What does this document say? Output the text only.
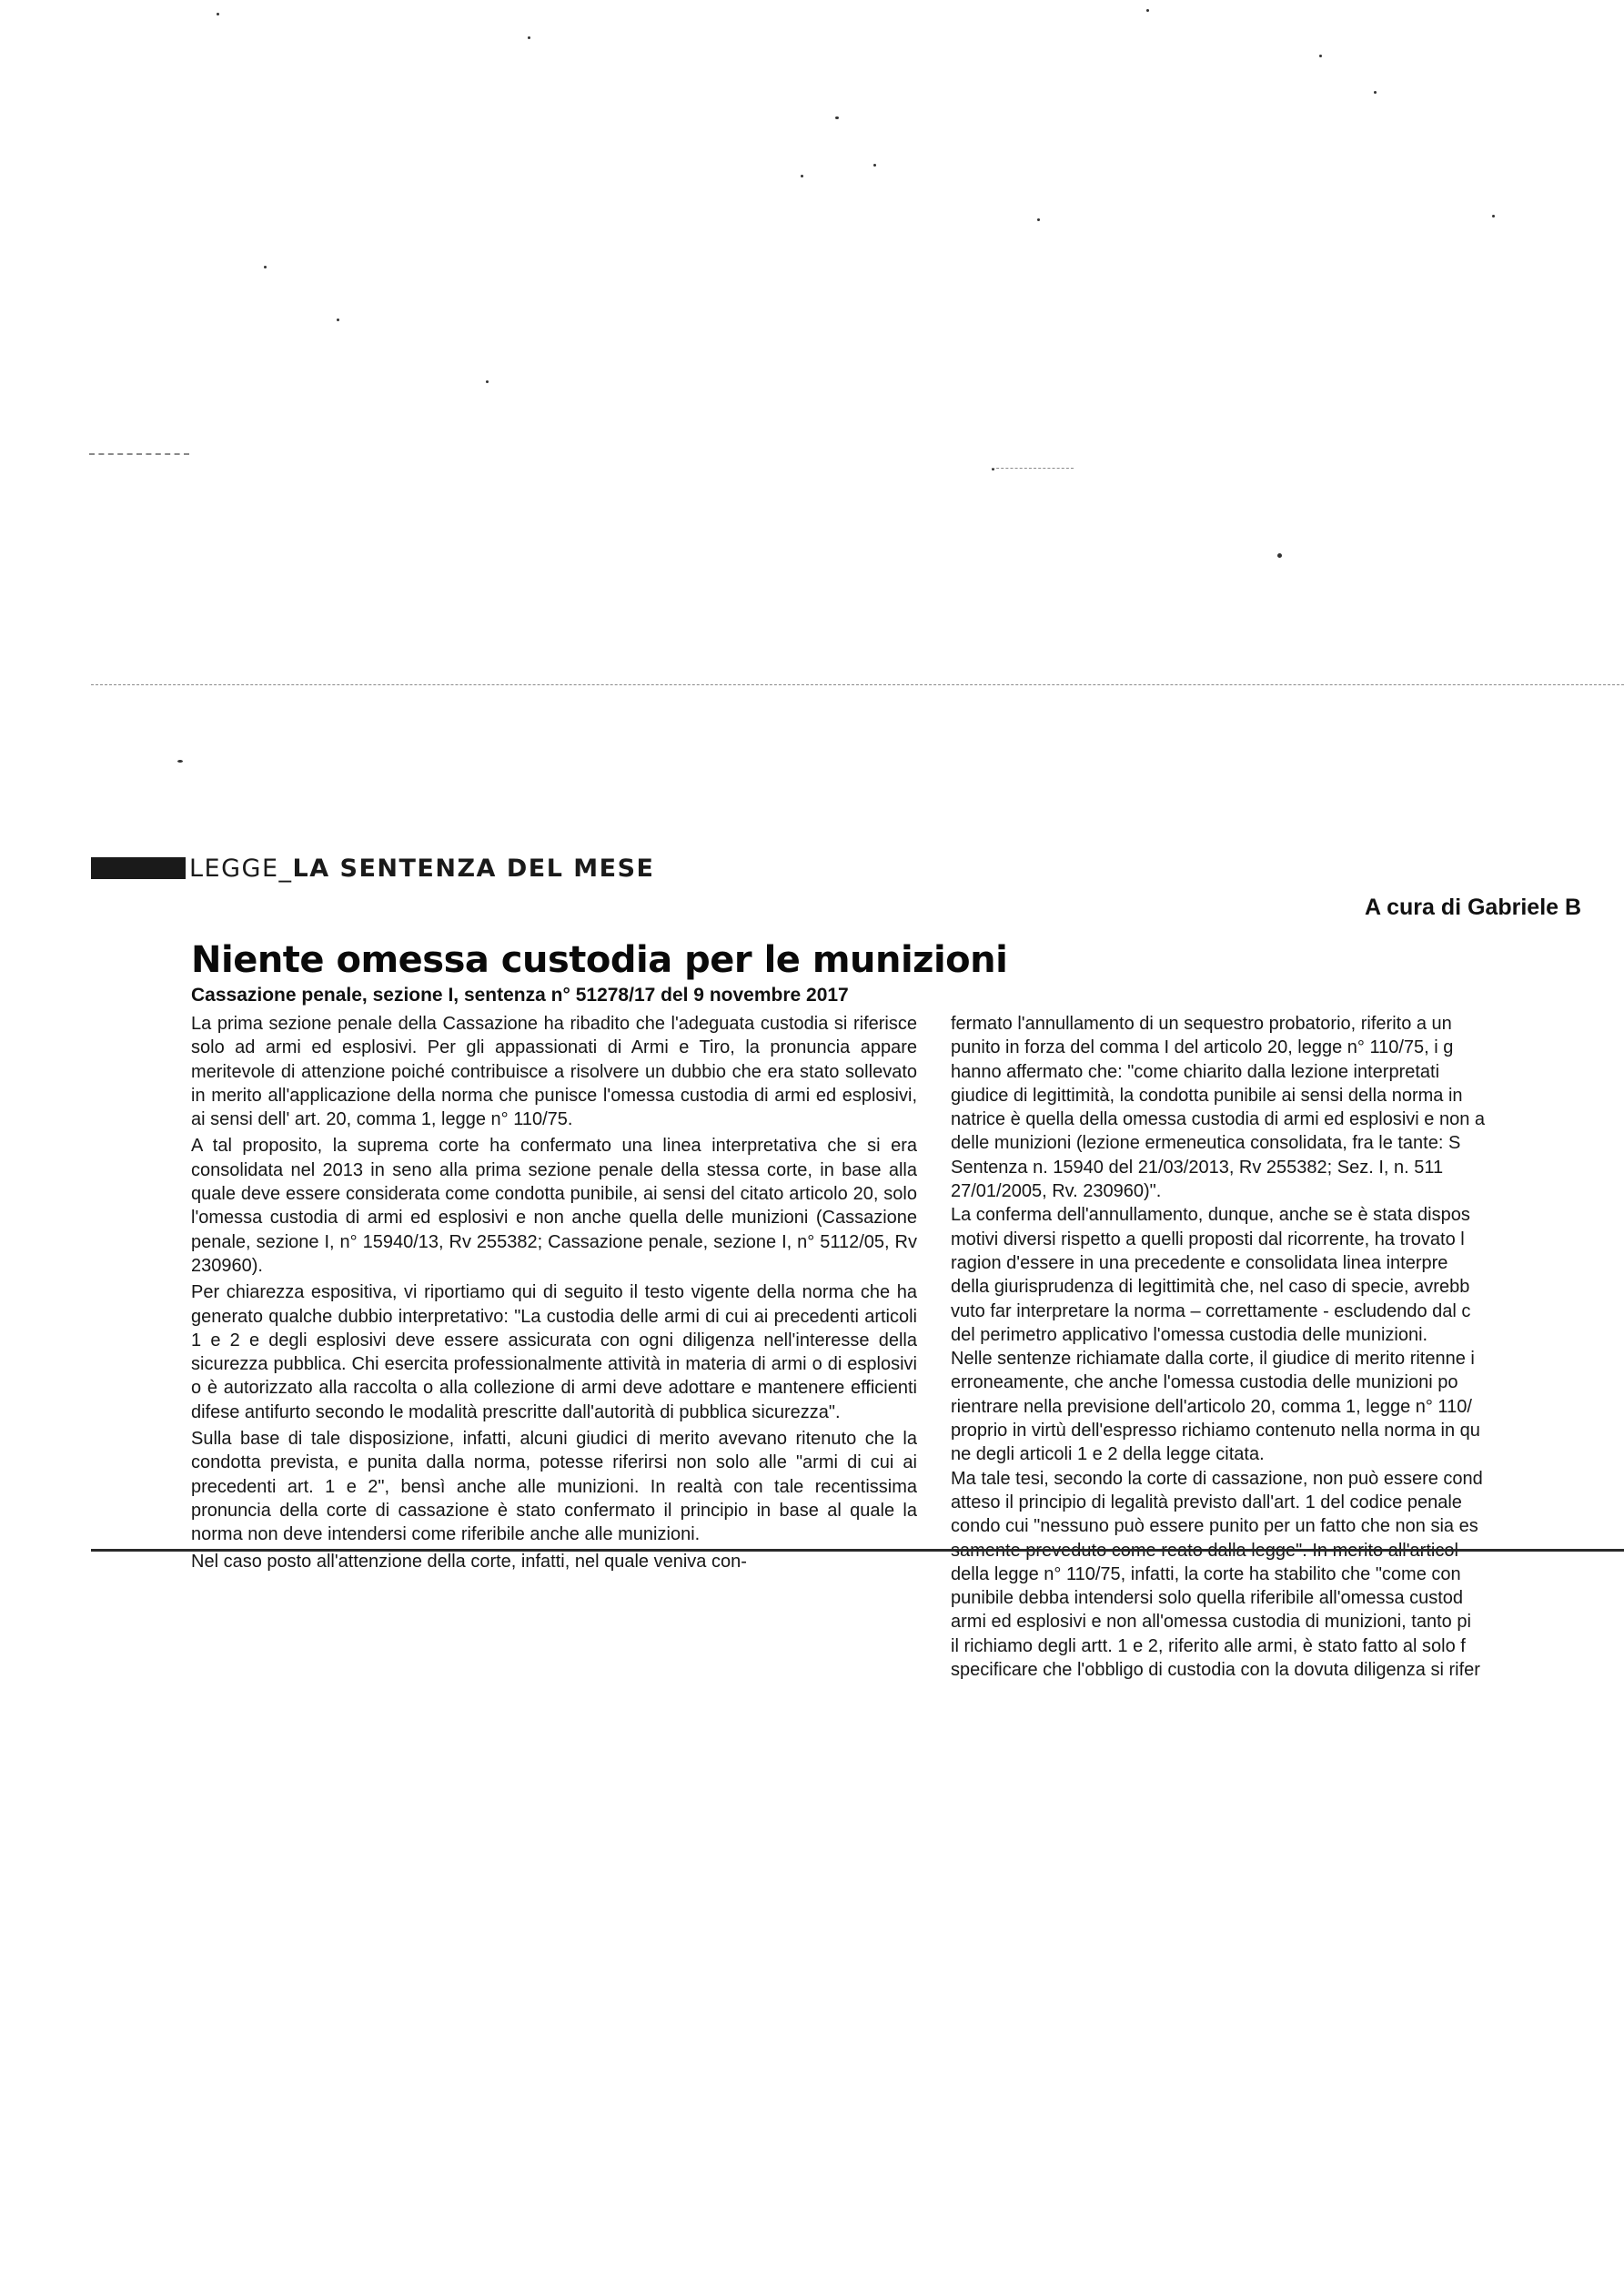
LEGGE_LA SENTENZA DEL MESE
A cura di Gabriele B
Niente omessa custodia per le munizioni
Cassazione penale, sezione I, sentenza n° 51278/17 del 9 novembre 2017

La prima sezione penale della Cassazione ha ribadito che l'adeguata custodia si riferisce solo ad armi ed esplosivi. Per gli appassionati di Armi e Tiro, la pronuncia appare meritevole di attenzione poiché contribuisce a risolvere un dubbio che era stato sollevato in merito all'applicazione della norma che punisce l'omessa custodia di armi ed esplosivi, ai sensi dell' art. 20, comma 1, legge n° 110/75.

A tal proposito, la suprema corte ha confermato una linea interpretativa che si era consolidata nel 2013 in seno alla prima sezione penale della stessa corte, in base alla quale deve essere considerata come condotta punibile, ai sensi del citato articolo 20, solo l'omessa custodia di armi ed esplosivi e non anche quella delle munizioni (Cassazione penale, sezione I, n° 15940/13, Rv 255382; Cassazione penale, sezione I, n° 5112/05, Rv 230960).

Per chiarezza espositiva, vi riportiamo qui di seguito il testo vigente della norma che ha generato qualche dubbio interpretativo: "La custodia delle armi di cui ai precedenti articoli 1 e 2 e degli esplosivi deve essere assicurata con ogni diligenza nell'interesse della sicurezza pubblica. Chi esercita professionalmente attività in materia di armi o di esplosivi o è autorizzato alla raccolta o alla collezione di armi deve adottare e mantenere efficienti difese antifurto secondo le modalità prescritte dall'autorità di pubblica sicurezza".

Sulla base di tale disposizione, infatti, alcuni giudici di merito avevano ritenuto che la condotta prevista, e punita dalla norma, potesse riferirsi non solo alle "armi di cui ai precedenti art. 1 e 2", bensì anche alle munizioni. In realtà con tale recentissima pronuncia della corte di cassazione è stato confermato il principio in base al quale la norma non deve intendersi come riferibile anche alle munizioni.

Nel caso posto all'attenzione della corte, infatti, nel quale veniva con-

fermato l'annullamento di un sequestro probatorio, riferito a un
punito in forza del comma I del articolo 20, legge n° 110/75, i g
hanno affermato che: "come chiarito dalla lezione interpretati
giudice di legittimità, la condotta punibile ai sensi della norma in
natrice è quella della omessa custodia di armi ed esplosivi e non a
delle munizioni (lezione ermeneutica consolidata, fra le tante: S
Sentenza n. 15940 del 21/03/2013, Rv 255382; Sez. I, n. 511
27/01/2005, Rv. 230960)".
La conferma dell'annullamento, dunque, anche se è stata dispos
motivi diversi rispetto a quelli proposti dal ricorrente, ha trovato l
ragion d'essere in una precedente e consolidata linea interpre
della giurisprudenza di legittimità che, nel caso di specie, avrebb
vuto far interpretare la norma – correttamente - escludendo dal c
del perimetro applicativo l'omessa custodia delle munizioni.
Nelle sentenze richiamate dalla corte, il giudice di merito ritenne i
erroneamente, che anche l'omessa custodia delle munizioni po
rientrare nella previsione dell'articolo 20, comma 1, legge n° 110/
proprio in virtù dell'espresso richiamo contenuto nella norma in qu
ne degli articoli 1 e 2 della legge citata.
Ma tale tesi, secondo la corte di cassazione, non può essere cond
atteso il principio di legalità previsto dall'art. 1 del codice penale
condo cui "nessuno può essere punito per un fatto che non sia es
samente preveduto come reato dalla legge". In merito all'articol
della legge n° 110/75, infatti, la corte ha stabilito che "come con
punibile debba intendersi solo quella riferibile all'omessa custod
armi ed esplosivi e non all'omessa custodia di munizioni, tanto pi
il richiamo degli artt. 1 e 2, riferito alle armi, è stato fatto al solo f
specificare che l'obbligo di custodia con la dovuta diligenza si rifer
